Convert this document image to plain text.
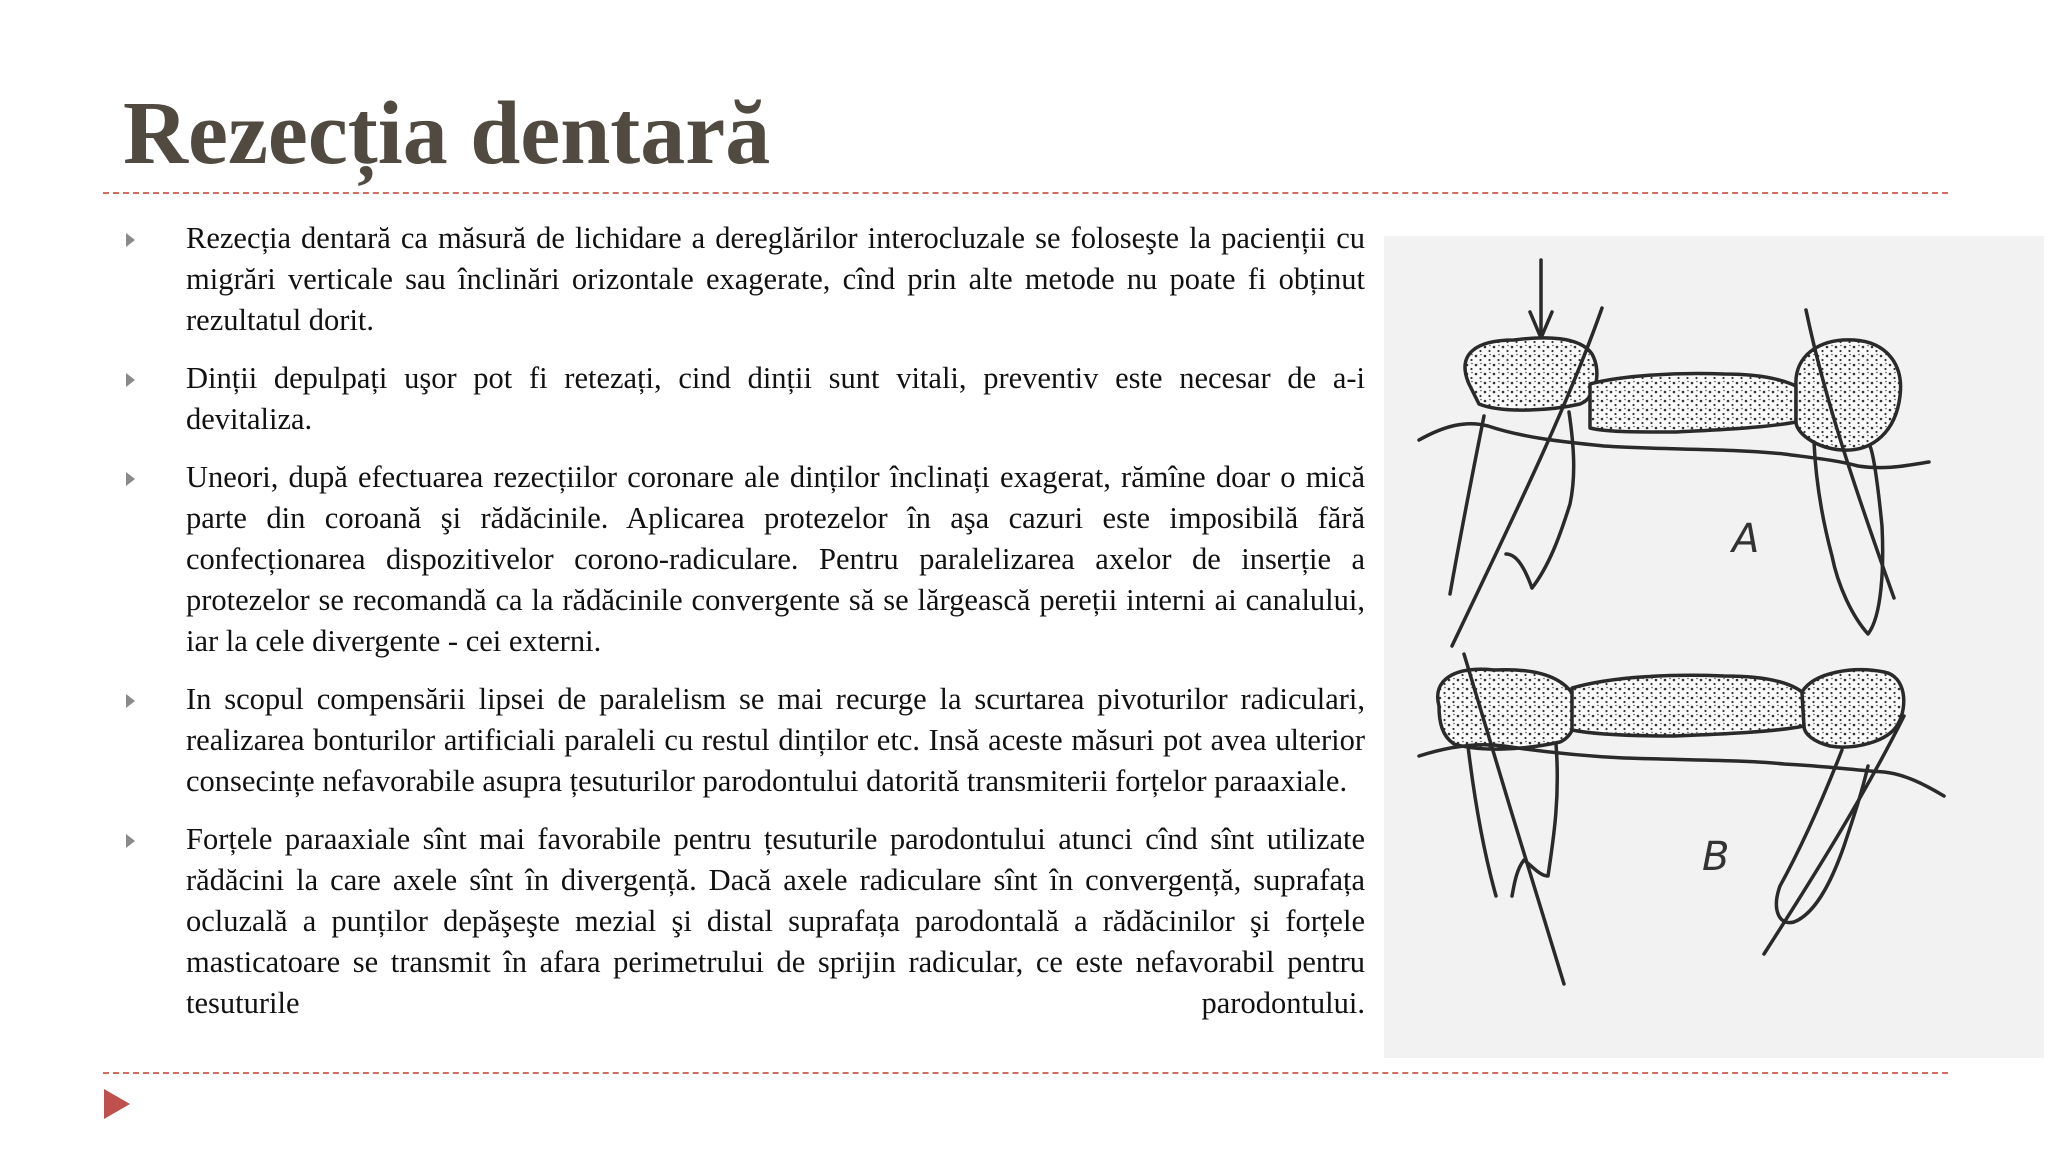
Rezecția dentară
Rezecția dentară ca măsură de lichidare a dereglărilor interocluzale se foloseşte la pacienții cu migrări verticale sau înclinări orizontale exagerate, cînd prin alte metode nu poate fi obținut rezultatul dorit.
Dinții depulpați uşor pot fi retezați, cind dinții sunt vitali, preventiv este necesar de a-i devitaliza.
Uneori, după efectuarea rezecțiilor coronare ale dinților înclinați exagerat, rămîne doar o mică parte din coroană şi rădăcinile. Aplicarea protezelor în aşa cazuri este imposibilă fără confecționarea dispozitivelor corono-radiculare. Pentru paralelizarea axelor de inserție a protezelor se recomandă ca la rădăcinile convergente să se lărgească pereții interni ai canalului, iar la cele divergente - cei externi.
In scopul compensării lipsei de paralelism se mai recurge la scurtarea pivoturilor radiculari, realizarea bonturilor artificiali paraleli cu restul dinților etc. Insă aceste măsuri pot avea ulterior consecințe nefavorabile asupra țesuturilor parodontului datorită transmiterii forțelor paraaxiale.
Forțele paraaxiale sînt mai favorabile pentru țesuturile parodontului atunci cînd sînt utilizate rădăcini la care axele sînt în divergență. Dacă axele radiculare sînt în convergență, suprafața ocluzală a punților depăşeşte mezial şi distal suprafața parodontală a rădăcinilor şi forțele masticatoare se transmit în afara perimetrului de sprijin radicular, ce este nefavorabil pentru tesuturile parodontului.
A
B
